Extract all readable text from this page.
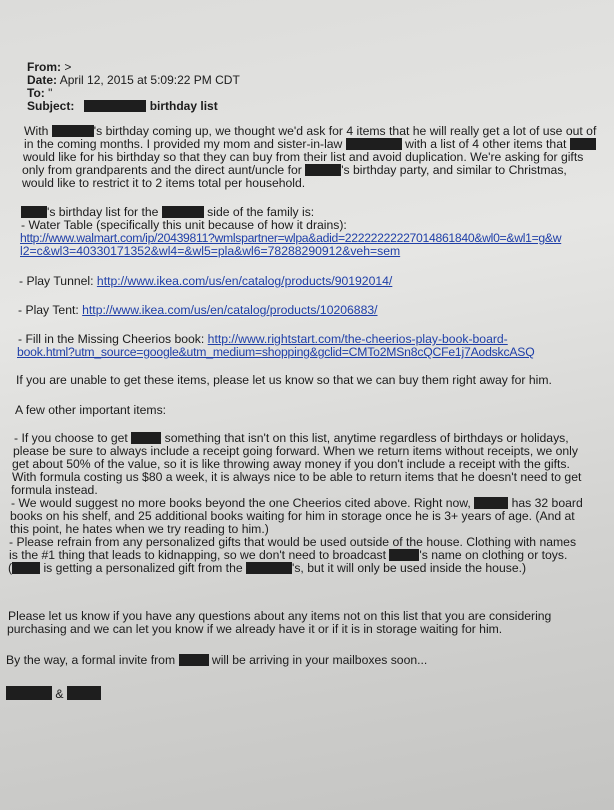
From: >
Date: April 12, 2015 at 5:09:22 PM CDT
To: "
Subject:	birthday list
With	's birthday coming up, we thought we'd ask for 4 items that he will really get a lot of use out of
in the coming months. I provided my mom and sister-in-law	with a list of 4 other items that
would like for his birthday so that they can buy from their list and avoid duplication. We're asking for gifts
only from grandparents and the direct aunt/uncle for	's birthday party, and similar to Christmas,
would like to restrict it to 2 items total per household.
's birthday list for the	side of the family is:
- Water Table (specifically this unit because of how it drains):
http://www.walmart.com/ip/20439811?wmlspartner=wlpa&adid=22222222227014861840&wl0=&wl1=g&w
l2=c&wl3=40330171352&wl4=&wl5=pla&wl6=78288290912&veh=sem
- Play Tunnel: http://www.ikea.com/us/en/catalog/products/90192014/
- Play Tent: http://www.ikea.com/us/en/catalog/products/10206883/
- Fill in the Missing Cheerios book: http://www.rightstart.com/the-cheerios-play-book-board-
book.html?utm_source=google&utm_medium=shopping&gclid=CMTo2MSn8cQCFe1j7AodskcASQ
If you are unable to get these items, please let us know so that we can buy them right away for him.
A few other important items:
- If you choose to get	something that isn't on this list, anytime regardless of birthdays or holidays,
please be sure to always include a receipt going forward. When we return items without receipts, we only
get about 50% of the value, so it is like throwing away money if you don't include a receipt with the gifts.
With formula costing us $80 a week, it is always nice to be able to return items that he doesn't need to get
formula instead.
- We would suggest no more books beyond the one Cheerios cited above. Right now,	has 32 board
books on his shelf, and 25 additional books waiting for him in storage once he is 3+ years of age. (And at
this point, he hates when we try reading to him.)
- Please refrain from any personalized gifts that would be used outside of the house. Clothing with names
is the #1 thing that leads to kidnapping, so we don't need to broadcast	's name on clothing or toys.
(	is getting a personalized gift from the	's, but it will only be used inside the house.)
Please let us know if you have any questions about any items not on this list that you are considering
purchasing and we can let you know if we already have it or if it is in storage waiting for him.
By the way, a formal invite from	will be arriving in your mailboxes soon...
&
